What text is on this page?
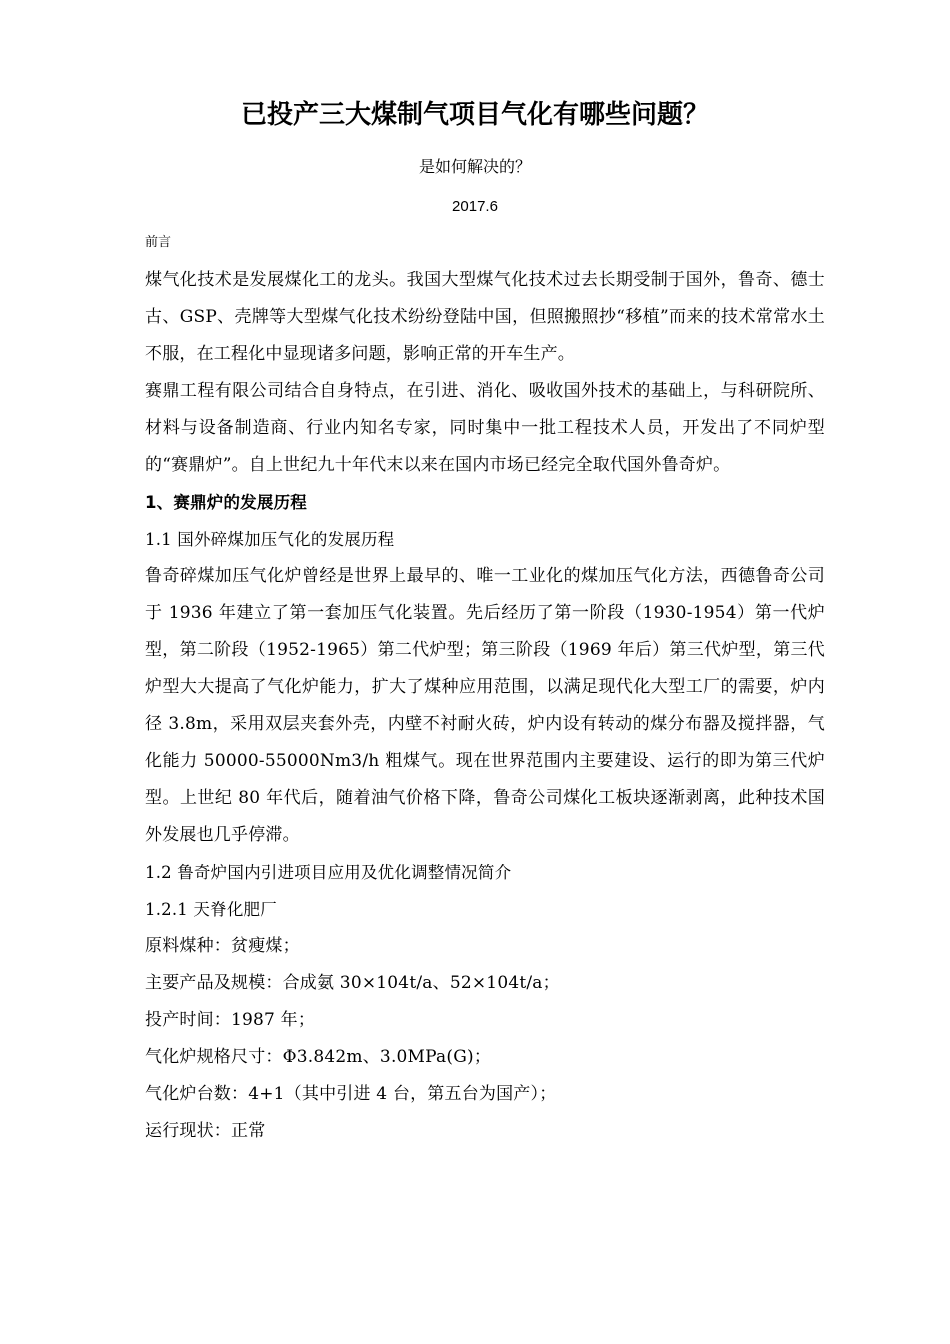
已投产三大煤制气项目气化有哪些问题？
是如何解决的？
2017.6
前言

煤气化技术是发展煤化工的龙头。我国大型煤气化技术过去长期受制于国外，鲁奇、德士古、GSP、壳牌等大型煤气化技术纷纷登陆中国，但照搬照抄“移植”而来的技术常常水土不服，在工程化中显现诸多问题，影响正常的开车生产。

赛鼎工程有限公司结合自身特点，在引进、消化、吸收国外技术的基础上，与科研院所、材料与设备制造商、行业内知名专家，同时集中一批工程技术人员，开发出了不同炉型的“赛鼎炉”。自上世纪九十年代末以来在国内市场已经完全取代国外鲁奇炉。

1、赛鼎炉的发展历程

1.1 国外碎煤加压气化的发展历程

鲁奇碎煤加压气化炉曾经是世界上最早的、唯一工业化的煤加压气化方法，西德鲁奇公司于 1936 年建立了第一套加压气化装置。先后经历了第一阶段（1930-1954）第一代炉型，第二阶段（1952-1965）第二代炉型；第三阶段（1969 年后）第三代炉型，第三代炉型大大提高了气化炉能力，扩大了煤种应用范围，以满足现代化大型工厂的需要，炉内径 3.8m，采用双层夹套外壳，内壁不衬耐火砖，炉内设有转动的煤分布器及搅拌器，气化能力 50000-55000Nm3/h 粗煤气。现在世界范围内主要建设、运行的即为第三代炉型。上世纪 80 年代后，随着油气价格下降，鲁奇公司煤化工板块逐渐剥离，此种技术国外发展也几乎停滞。

1.2 鲁奇炉国内引进项目应用及优化调整情况简介

1.2.1 天脊化肥厂

原料煤种：贫瘦煤；

主要产品及规模：合成氨 30×104t/a、52×104t/a；

投产时间：1987 年；

气化炉规格尺寸：Φ3.842m、3.0MPa(G)；

气化炉台数：4+1（其中引进 4 台，第五台为国产）；

运行现状：正常
